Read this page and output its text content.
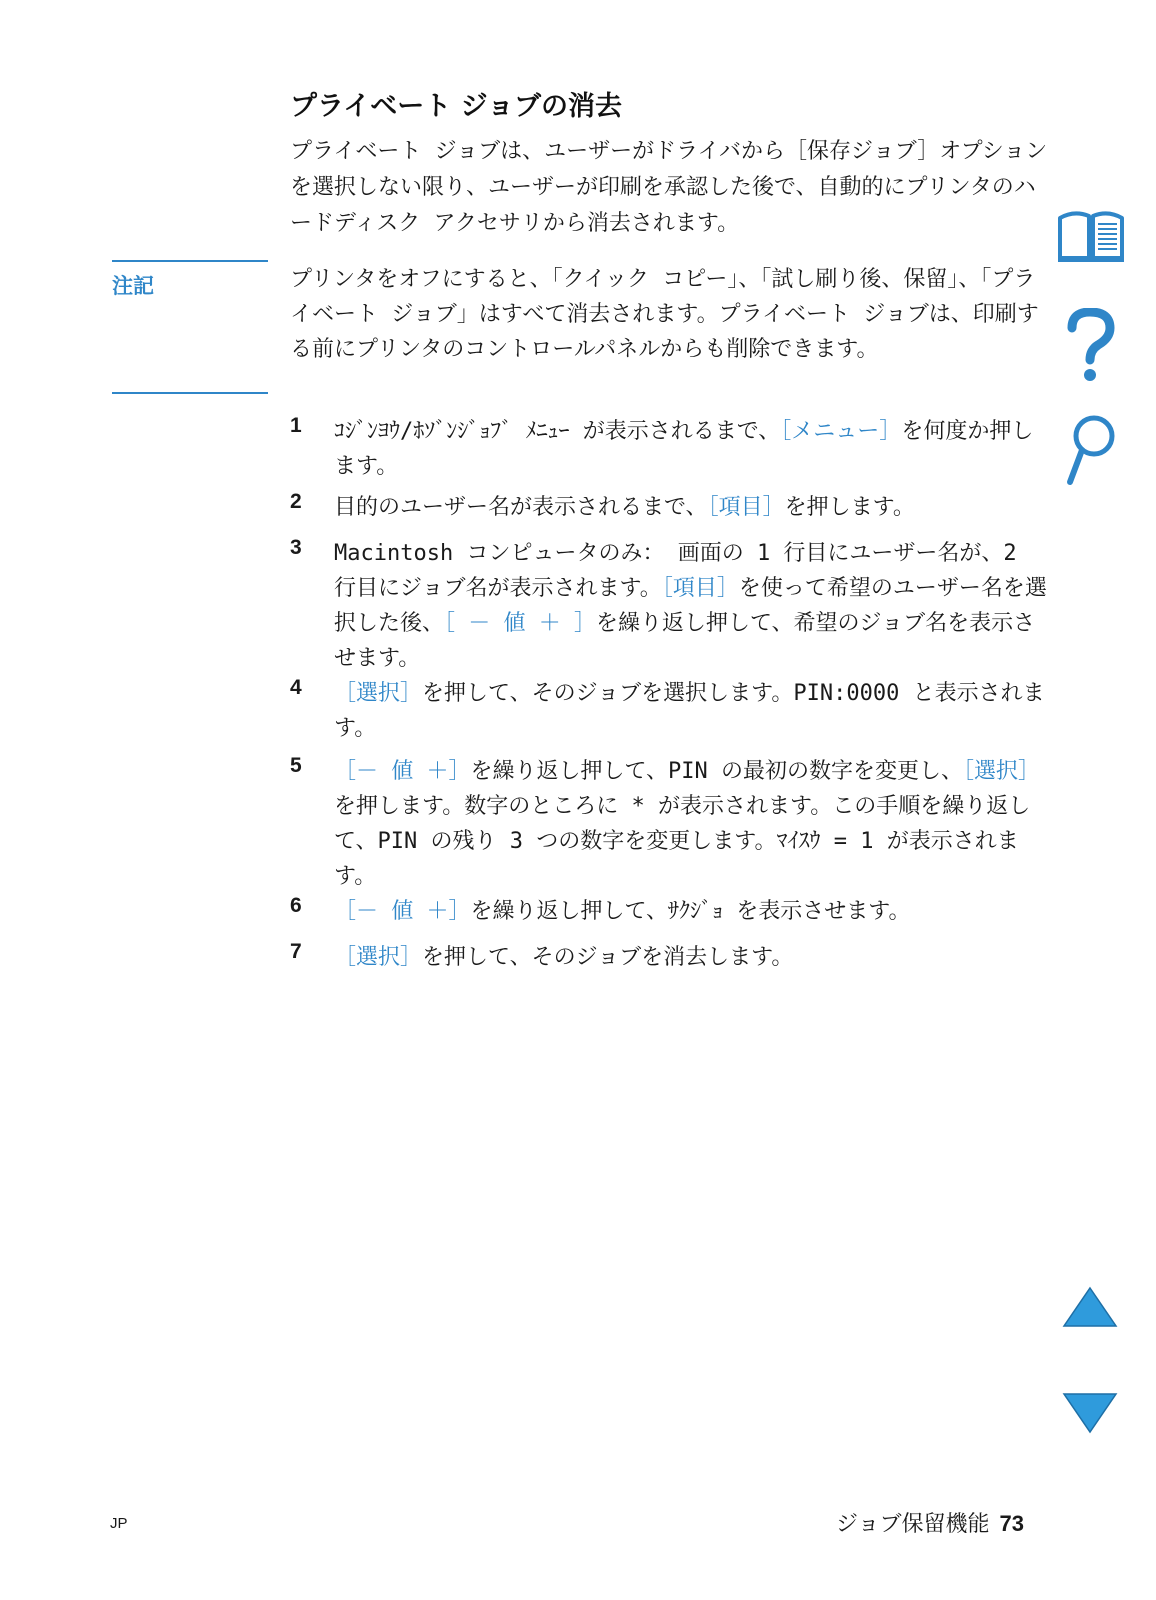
プライベート ジョブの消去

プライベート ジョブは、ユーザーがドライバから［保存ジョブ］オプションを選択しない限り、ユーザーが印刷を承認した後で、自動的にプリンタのハードディスク アクセサリから消去されます。

注記	プリンタをオフにすると、「クイック コピー」、「試し刷り後、保留」、「プライベート ジョブ」はすべて消去されます。プライベート ジョブは、印刷する前にプリンタのコントロールパネルからも削除できます。

1	ｺｼﾞﾝﾖｳ/ﾎｿﾞﾝｼﾞｮﾌﾞ ﾒﾆｭｰ が表示されるまで、［メニュー］を何度か押します。

2	目的のユーザー名が表示されるまで、［項目］を押します。

3	Macintosh コンピュータのみ： 画面の 1 行目にユーザー名が、2 行目にジョブ名が表示されます。［項目］を使って希望のユーザー名を選択した後、［ － 値 ＋ ］を繰り返し押して、希望のジョブ名を表示させます。

4	［選択］を押して、そのジョブを選択します。PIN:0000 と表示されます。

5	［－ 値 ＋］を繰り返し押して、PIN の最初の数字を変更し、［選択］を押します。数字のところに * が表示されます。この手順を繰り返して、PIN の残り 3 つの数字を変更します。ﾏｲｽｳ = 1 が表示されます。

6	［－ 値 ＋］を繰り返し押して、ｻｸｼﾞｮ を表示させます。

7	［選択］を押して、そのジョブを消去します。

JP	ジョブ保留機能 73
